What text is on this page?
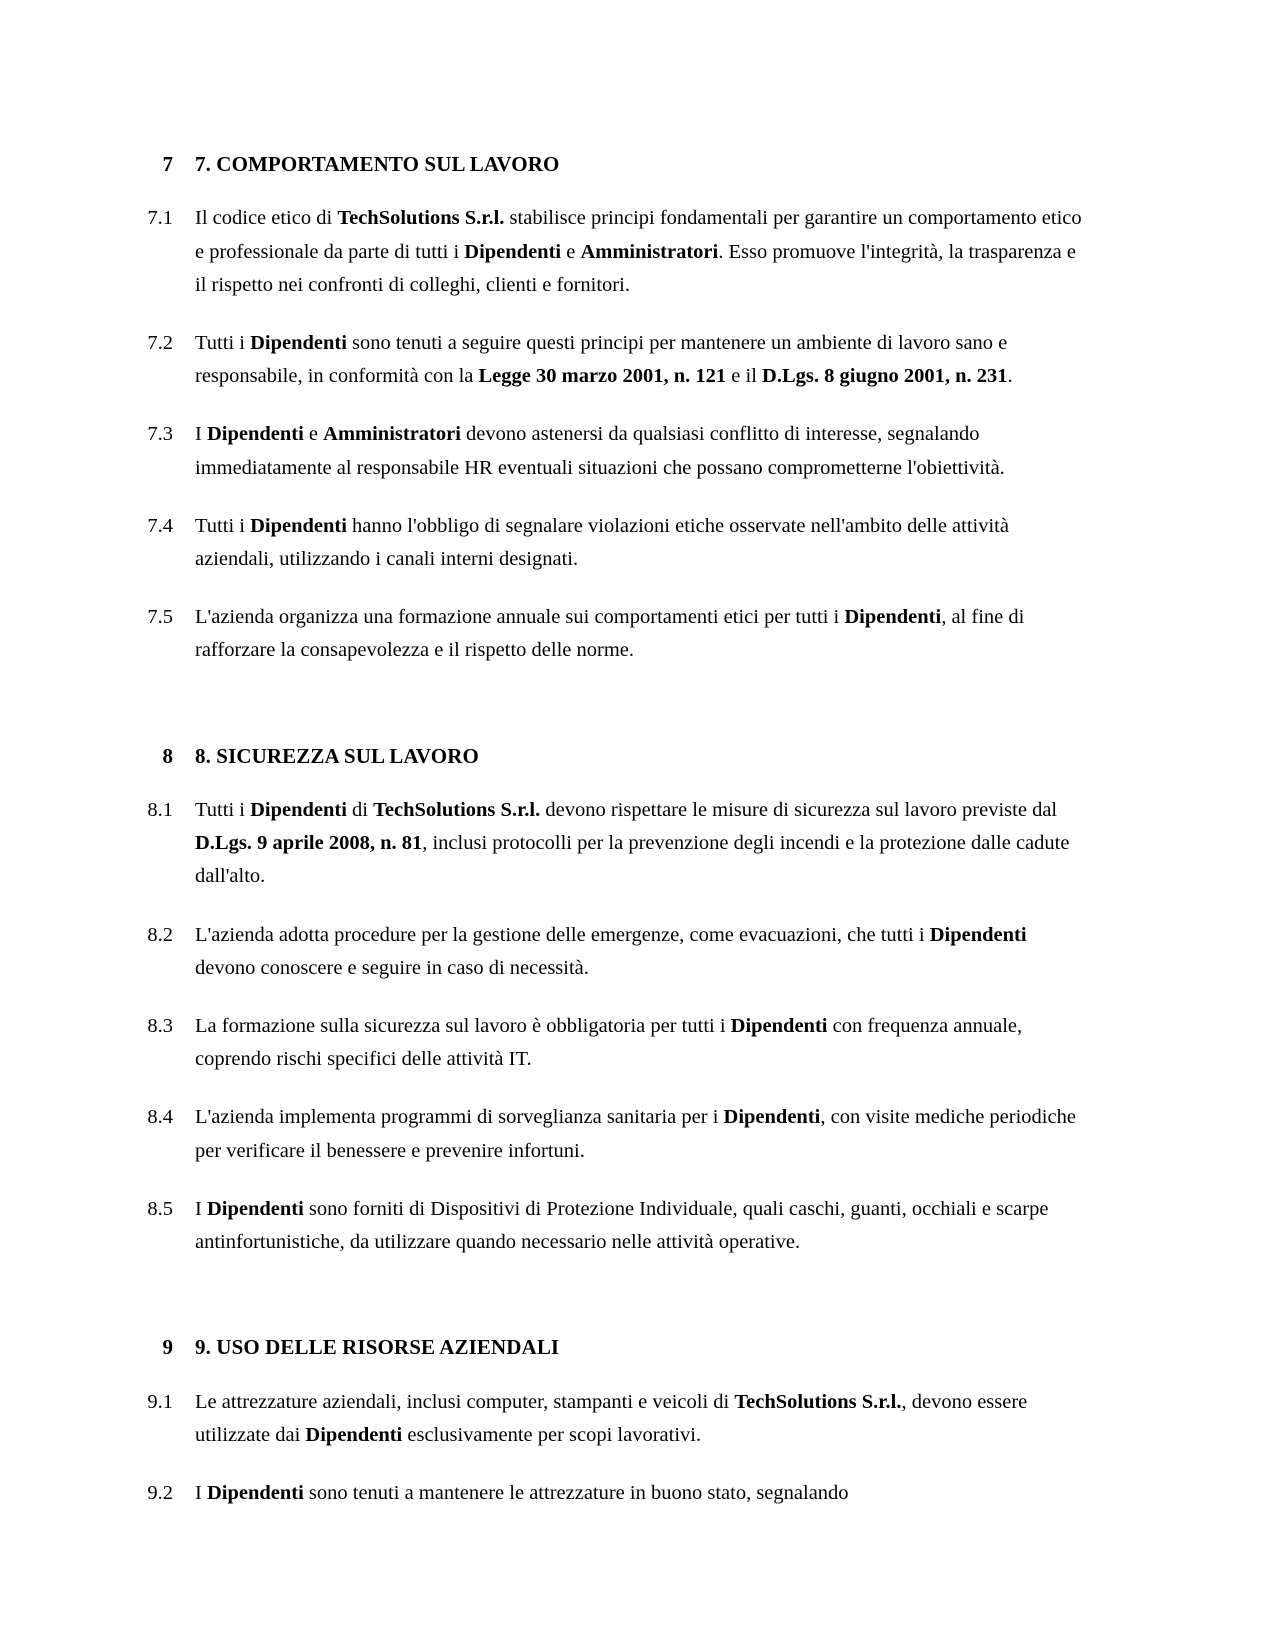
7	7. COMPORTAMENTO SUL LAVORO
7.1	Il codice etico di TechSolutions S.r.l. stabilisce principi fondamentali per garantire un comportamento etico e professionale da parte di tutti i Dipendenti e Amministratori. Esso promuove l'integrità, la trasparenza e il rispetto nei confronti di colleghi, clienti e fornitori.
7.2	Tutti i Dipendenti sono tenuti a seguire questi principi per mantenere un ambiente di lavoro sano e responsabile, in conformità con la Legge 30 marzo 2001, n. 121 e il D.Lgs. 8 giugno 2001, n. 231.
7.3	I Dipendenti e Amministratori devono astenersi da qualsiasi conflitto di interesse, segnalando immediatamente al responsabile HR eventuali situazioni che possano comprometterne l'obiettività.
7.4	Tutti i Dipendenti hanno l'obbligo di segnalare violazioni etiche osservate nell'ambito delle attività aziendali, utilizzando i canali interni designati.
7.5	L'azienda organizza una formazione annuale sui comportamenti etici per tutti i Dipendenti, al fine di rafforzare la consapevolezza e il rispetto delle norme.
8	8. SICUREZZA SUL LAVORO
8.1	Tutti i Dipendenti di TechSolutions S.r.l. devono rispettare le misure di sicurezza sul lavoro previste dal D.Lgs. 9 aprile 2008, n. 81, inclusi protocolli per la prevenzione degli incendi e la protezione dalle cadute dall'alto.
8.2	L'azienda adotta procedure per la gestione delle emergenze, come evacuazioni, che tutti i Dipendenti devono conoscere e seguire in caso di necessità.
8.3	La formazione sulla sicurezza sul lavoro è obbligatoria per tutti i Dipendenti con frequenza annuale, coprendo rischi specifici delle attività IT.
8.4	L'azienda implementa programmi di sorveglianza sanitaria per i Dipendenti, con visite mediche periodiche per verificare il benessere e prevenire infortuni.
8.5	I Dipendenti sono forniti di Dispositivi di Protezione Individuale, quali caschi, guanti, occhiali e scarpe antinfortunistiche, da utilizzare quando necessario nelle attività operative.
9	9. USO DELLE RISORSE AZIENDALI
9.1	Le attrezzature aziendali, inclusi computer, stampanti e veicoli di TechSolutions S.r.l., devono essere utilizzate dai Dipendenti esclusivamente per scopi lavorativi.
9.2	I Dipendenti sono tenuti a mantenere le attrezzature in buono stato, segnalando
